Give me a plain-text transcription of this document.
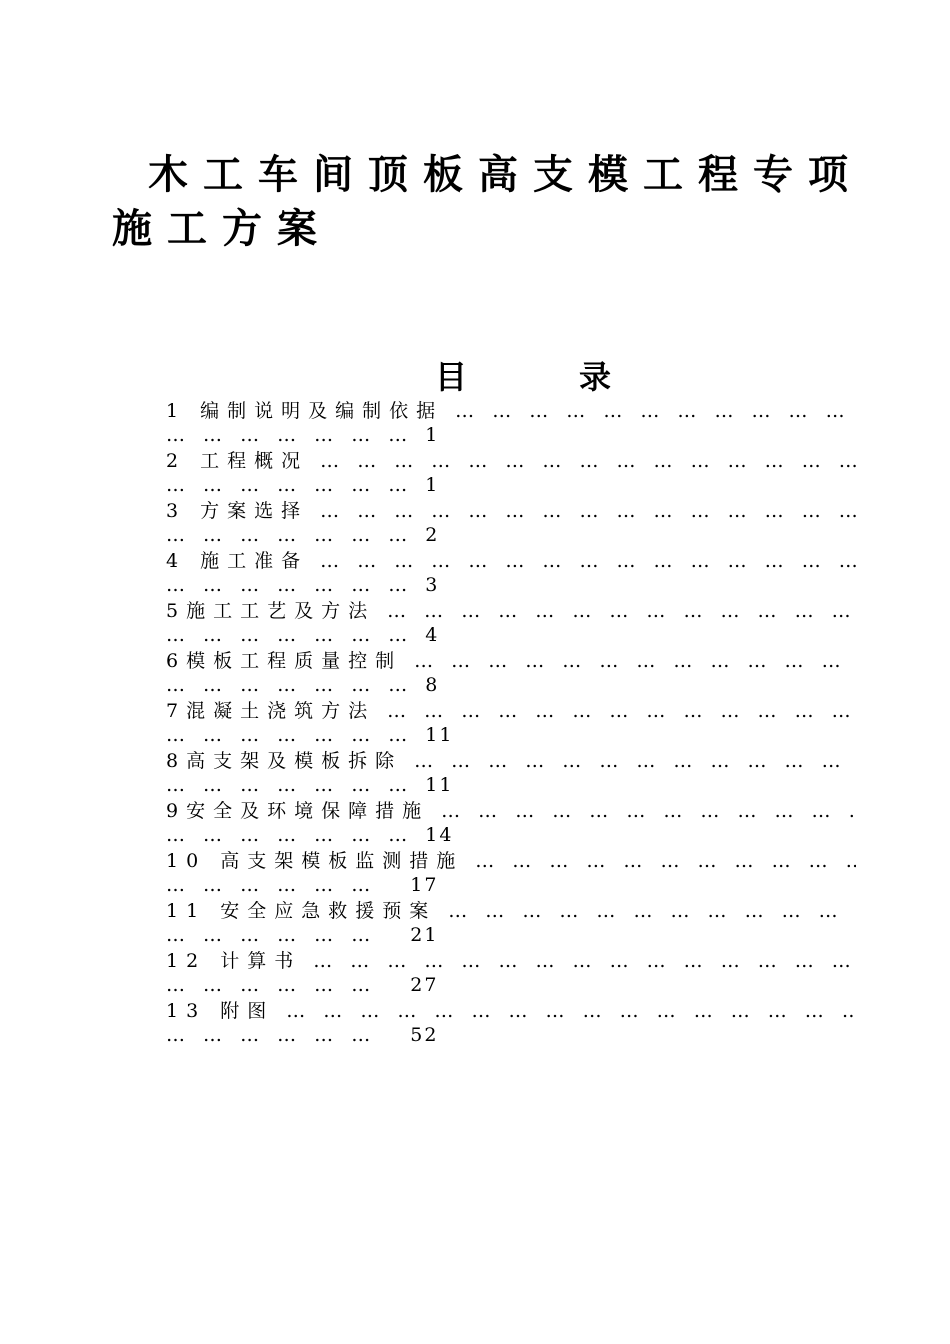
木工车间顶板高支模工程专项施工方案
目录
1 编制说明及编制依据 … … … … … … … … … … … … … … … … … … … … … … … … … … … … … …
… … … … … … … 1
2 工程概况 … … … … … … … … … … … … … … … … … … … … … … … … … … … … … …
… … … … … … … 1
3 方案选择 … … … … … … … … … … … … … … … … … … … … … … … … … … … … … …
… … … … … … … 2
4 施工准备 … … … … … … … … … … … … … … … … … … … … … … … … … … … … … …
… … … … … … … 3
5施工工艺及方法 … … … … … … … … … … … … … … … … … … … … … … … … … … … … … …
… … … … … … … 4
6模板工程质量控制 … … … … … … … … … … … … … … … … … … … … … … … … … … … … … …
… … … … … … … 8
7混凝土浇筑方法 … … … … … … … … … … … … … … … … … … … … … … … … … … … … … …
… … … … … … … 11
8高支架及模板拆除 … … … … … … … … … … … … … … … … … … … … … … … … … … … … … …
… … … … … … … 11
9安全及环境保障措施 … … … … … … … … … … … … … … … … … … … … … … … … … … … … … …
… … … … … … … 14
10 高支架模板监测措施 … … … … … … … … … … … … … … … … … … … … … … … … … … … … … …
… … … … … … 17
11 安全应急救援预案 … … … … … … … … … … … … … … … … … … … … … … … … … … … … … …
… … … … … … 21
12 计算书 … … … … … … … … … … … … … … … … … … … … … … … … … … … … … …
… … … … … … 27
13 附图 … … … … … … … … … … … … … … … … … … … … … … … … … … … … … …
… … … … … … 52
